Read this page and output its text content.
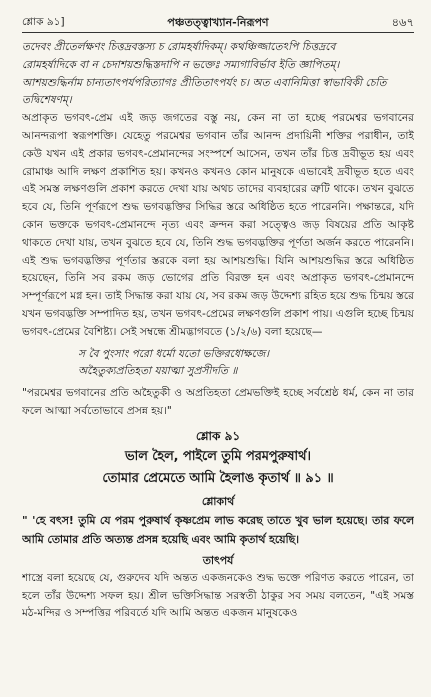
শ্লোক ৯১]	পঞ্চতত্ত্বাখ্যান-নিরূপণ	৪৬৭

তদেবং প্রীতের্লক্ষণং চিত্তদ্রবস্তস্য চ রোমহর্ষাদিকম্। কথঞ্চিজ্জাতেঽপি চিত্তদ্রবে

রোমহর্ষাদিকে বা ন চেদাশয়শুদ্ধিস্তদাপি ন ভক্তেঃ সম্যগাবির্ভাব ইতি জ্ঞাপিতম্।

আশয়শুদ্ধির্নাম চান্যতাৎপর্যপরিত্যাগঃ প্রীতিতাৎপর্যং চ। অত এবানিমিত্তা স্বাভাবিকী চেতি

তদ্বিশেষণম্।

অপ্রাকৃত ভগবৎ-প্রেম এই জড় জগতের বস্তু নয়, কেন না তা হচ্ছে পরমেশ্বর ভগবানের আনন্দরূপা স্বরূপশক্তি। যেহেতু পরমেশ্বর ভগবান তাঁর আনন্দ প্রদায়িনী শক্তির পরাধীন, তাই কেউ যখন এই প্রকার ভগবৎ-প্রেমানন্দের সংস্পর্শে আসেন, তখন তাঁর চিত্ত দ্রবীভূত হয় এবং রোমাঞ্চ আদি লক্ষণ প্রকাশিত হয়। কখনও কখনও কোন মানুষকে এভাবেই দ্রবীভূত হতে এবং এই সমস্ত লক্ষণগুলি প্রকাশ করতে দেখা যায় অথচ তাদের ব্যবহারের ত্রুটি থাকে। তখন বুঝতে হবে যে, তিনি পূর্ণরূপে শুদ্ধ ভগবদ্ভক্তির সিদ্ধির স্তরে অধিষ্ঠিত হতে পারেননি। পক্ষান্তরে, যদি কোন ভক্তকে ভগবৎ-প্রেমানন্দে নৃত্য এবং ক্রন্দন করা সত্ত্বেও জড় বিষয়ের প্রতি আকৃষ্ট থাকতে দেখা যায়, তখন বুঝতে হবে যে, তিনি শুদ্ধ ভগবদ্ভক্তির পূর্ণতা অর্জন করতে পারেননি। এই শুদ্ধ ভগবদ্ভক্তির পূর্ণতার স্তরকে বলা হয় আশয়শুদ্ধি। যিনি আশয়শুদ্ধির স্তরে অধিষ্ঠিত হয়েছেন, তিনি সব রকম জড় ভোগের প্রতি বিরক্ত হন এবং অপ্রাকৃত ভগবৎ-প্রেমানন্দে সম্পূর্ণরূপে মগ্ন হন। তাই সিদ্ধান্ত করা যায় যে, সব রকম জড় উদ্দেশ্য রহিত হয়ে শুদ্ধ চিন্ময় স্তরে যখন ভগবদ্ভক্তি সম্পাদিত হয়, তখন ভগবৎ-প্রেমের লক্ষণগুলি প্রকাশ পায়। এগুলি হচ্ছে চিন্ময় ভগবৎ-প্রেমের বৈশিষ্ট্য। সেই সম্বন্ধে শ্রীমদ্ভাগবতে (১/২/৬) বলা হয়েছে—

স বৈ পুংসাং পরো ধর্মো যতো ভক্তিরধোক্ষজে।

অহৈতুক্যপ্রতিহতা যয়াত্মা সুপ্রসীদতি ॥

"পরমেশ্বর ভগবানের প্রতি অহৈতুকী ও অপ্রতিহতা প্রেমভক্তিই হচ্ছে সর্বশ্রেষ্ঠ ধর্ম, কেন না তার ফলে আত্মা সর্বতোভাবে প্রসন্ন হয়।"

শ্লোক ৯১
ভাল হৈল, পাইলে তুমি পরমপুরুষার্থ।
তোমার প্রেমেতে আমি হৈলাঙ কৃতার্থ ॥ ৯১ ॥
শ্লোকার্থ

" 'হে বৎস! তুমি যে পরম পুরুষার্থ কৃষ্ণপ্রেম লাভ করেছ তাতে খুব ভাল হয়েছে। তার ফলে আমি তোমার প্রতি অত্যন্ত প্রসন্ন হয়েছি এবং আমি কৃতার্থ হয়েছি।

তাৎপর্য

শাস্ত্রে বলা হয়েছে যে, গুরুদেব যদি অন্তত একজনকেও শুদ্ধ ভক্তে পরিণত করতে পারেন, তা হলে তাঁর উদ্দেশ্য সফল হয়। শ্রীল ভক্তিসিদ্ধান্ত সরস্বতী ঠাকুর সব সময় বলতেন, "এই সমস্ত মঠ-মন্দির ও সম্পত্তির পরিবর্তে যদি আমি অন্তত একজন মানুষকেও
